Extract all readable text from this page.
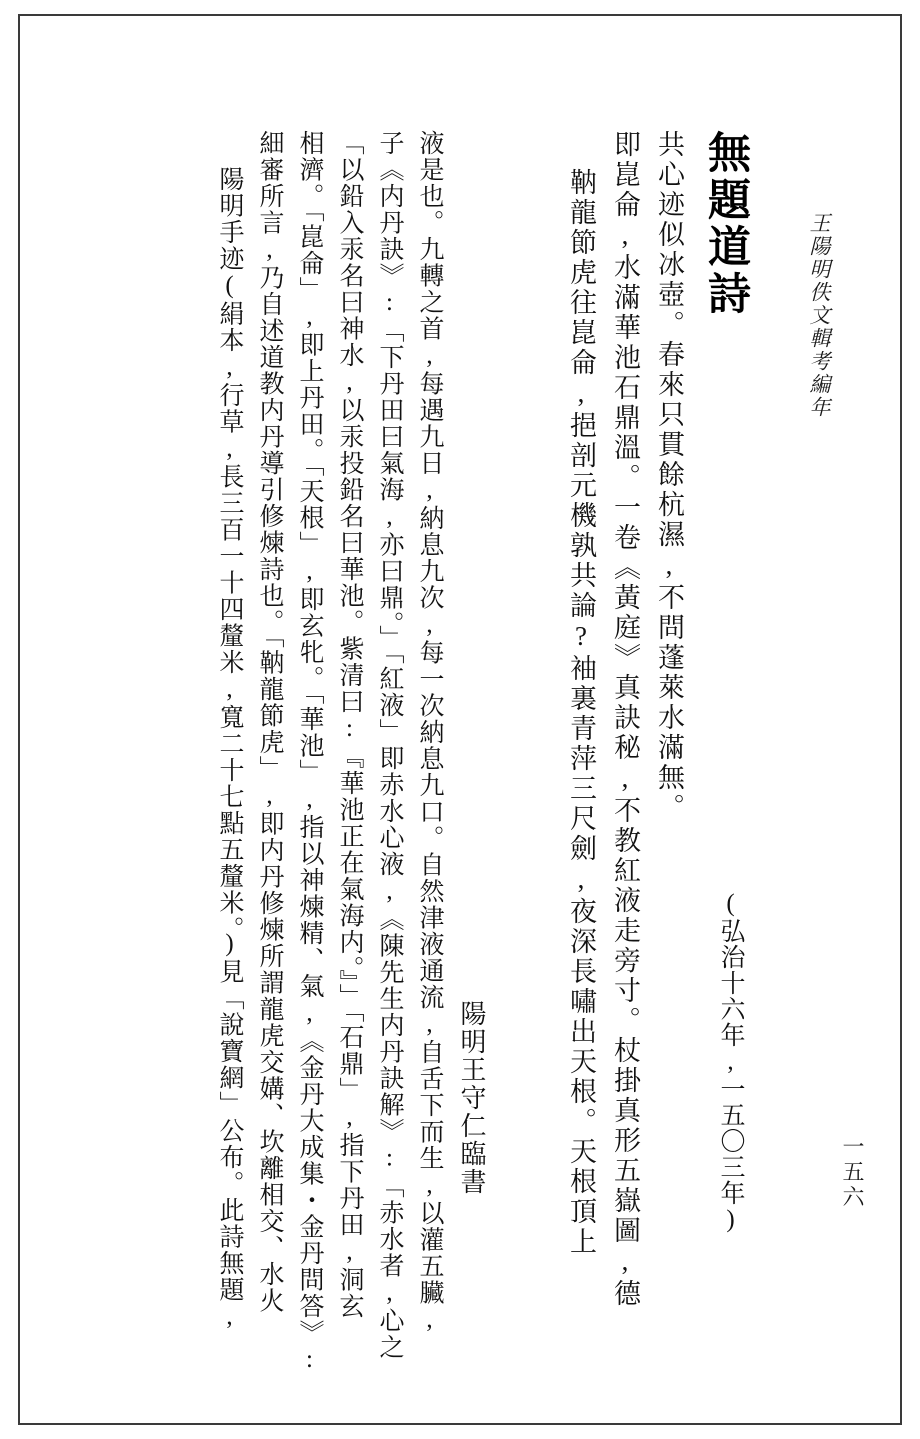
王陽明佚文輯考編年
一五六
無題道詩
(弘治十六年,一五〇三年)
靹龍節虎往崑侖,挹剖元機孰共論?袖裏青萍三尺劍,夜深長嘯出天根。天根頂上 即崑侖,水滿華池石鼎溫。一卷《黃庭》真訣秘,不教紅液走旁寸。杖掛真形五嶽圖,德 共心迹似冰壺。春來只貫餘杭濕,不問蓬萊水滿無。
陽明王守仁臨書
陽明手迹(絹本,行草,長三百一十四釐米,寬二十七點五釐米。)見「說寶網」公布。此詩無題, 細審所言,乃自述道教内丹導引修煉詩也。「靹龍節虎」,即内丹修煉所謂龍虎交媾、坎離相交、水火 相濟。「崑侖」,即上丹田。「天根」,即玄牝。「華池」,指以神煉精、氣,《金丹大成集・金丹問答》: 「以鉛入汞名曰神水,以汞投鉛名曰華池。紫清曰:『華池正在氣海内。』」「石鼎」,指下丹田,洞玄 子《内丹訣》:「下丹田曰氣海,亦曰鼎。」「紅液」即赤水心液,《陳先生内丹訣解》:「赤水者,心之 液是也。九轉之首,每遇九日,納息九次,每一次納息九口。自然津液通流,自舌下而生,以灌五臟,
